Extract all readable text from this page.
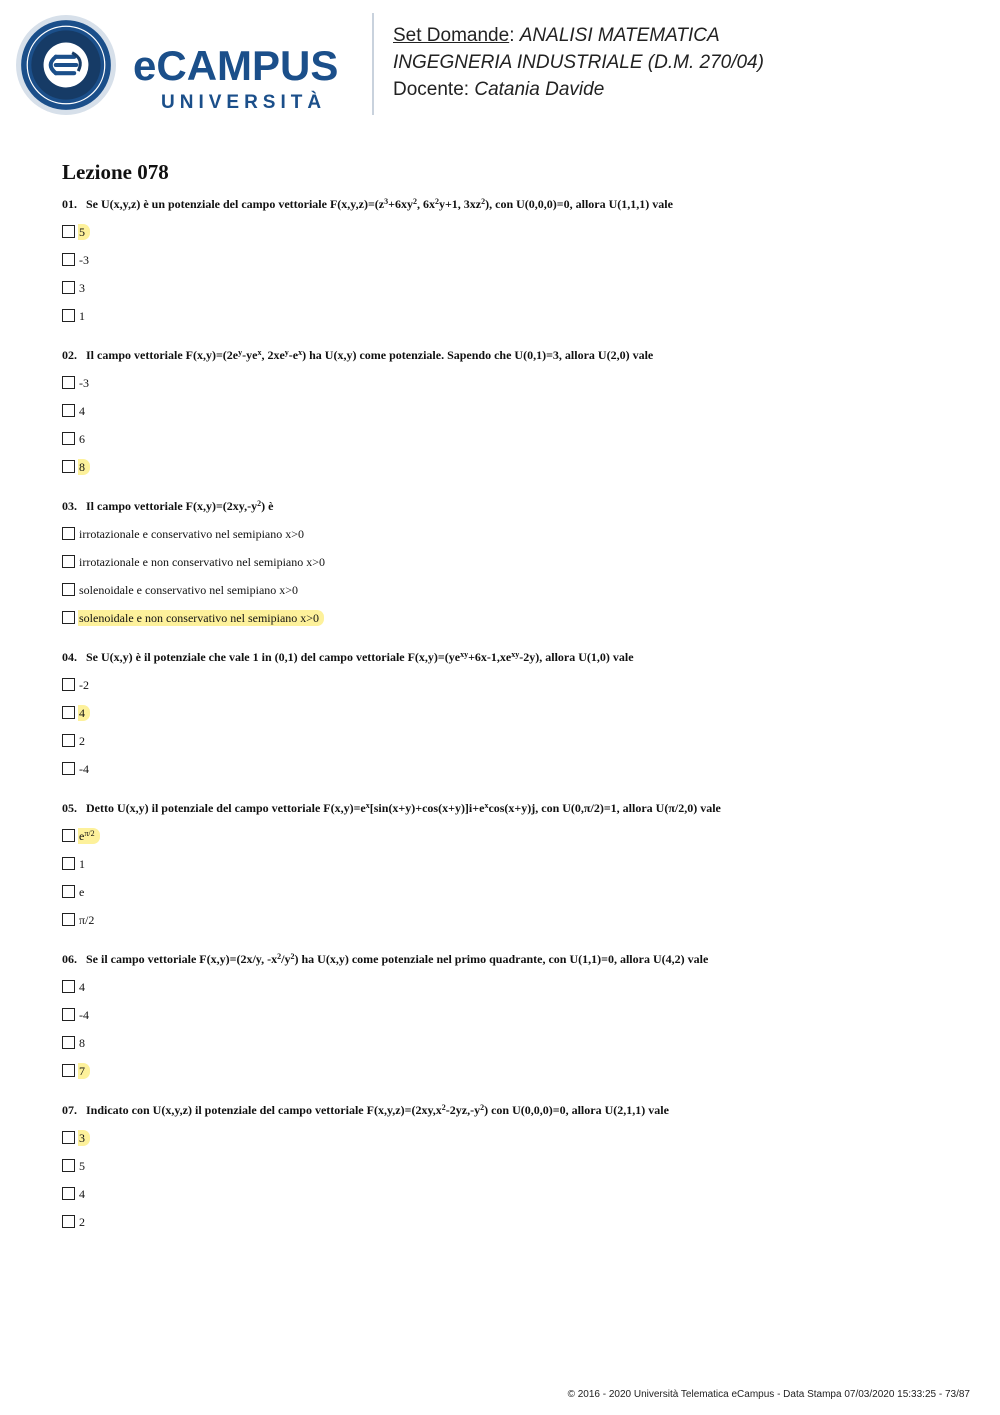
eCAMPUS
UNIVERSITÀ
Set Domande: ANALISI MATEMATICA
INGEGNERIA INDUSTRIALE (D.M. 270/04)
Docente: Catania Davide
Lezione 078
01. Se U(x,y,z) è un potenziale del campo vettoriale $F(x,y,z)=(z^3+6xy^2$, $6x^2y+1$, $3xz^2$), con U(0,0,0)=0, allora U(1,1,1) vale
5
-3
3
1
02. Il campo vettoriale $F(x,y)=(2e^y-ye^x$, $2xe^y-e^x$) ha U(x,y) come potenziale. Sapendo che U(0,1)=3, allora U(2,0) vale
-3
4
6
8
03. Il campo vettoriale $F(x,y)=(2xy,-y^2)$ è
irrotazionale e conservativo nel semipiano x>0
irrotazionale e non conservativo nel semipiano x>0
solenoidale e conservativo nel semipiano x>0
solenoidale e non conservativo nel semipiano x>0
04. Se U(x,y) è il potenziale che vale 1 in (0,1) del campo vettoriale $F(x,y)=(ye^{xy}+6x-1,xe^{xy}-2y)$, allora U(1,0) vale
-2
4
2
-4
05. Detto U(x,y) il potenziale del campo vettoriale $F(x,y)=e^x[\sin(x+y)+\cos(x+y)]i+e^x\cos(x+y)j$, con U(0,π/2)=1, allora U(π/2,0) vale
$e^{\pi/2}$
1
e
π/2
06. Se il campo vettoriale F(x,y)=(2x/y, $-x^2/y^2$) ha U(x,y) come potenziale nel primo quadrante, con U(1,1)=0, allora U(4,2) vale
4
-4
8
7
07. Indicato con U(x,y,z) il potenziale del campo vettoriale $F(x,y,z)=(2xy,x^2-2yz,-y^2)$ con U(0,0,0)=0, allora U(2,1,1) vale
3
5
4
2
© 2016 - 2020 Università Telematica eCampus - Data Stampa 07/03/2020 15:33:25 - 73/87
